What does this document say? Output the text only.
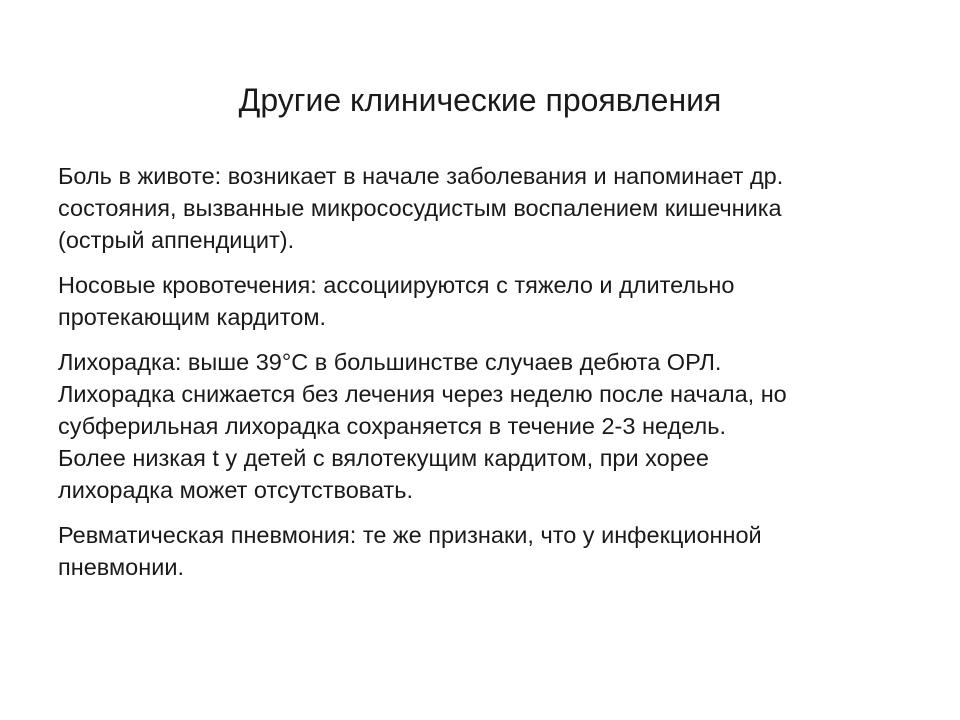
Другие клинические проявления

Боль в животе: возникает в начале заболевания и напоминает др.
состояния, вызванные микрососудистым воспалением кишечника
(острый аппендицит).

Носовые кровотечения: ассоциируются с тяжело и длительно
протекающим кардитом.

Лихорадка: выше 39°С в большинстве случаев дебюта ОРЛ.
Лихорадка снижается без лечения через неделю после начала, но
субферильная лихорадка сохраняется в течение 2-3 недель.
Более низкая t у детей с вялотекущим кардитом, при хорее
лихорадка может отсутствовать.

Ревматическая пневмония: те же признаки, что у инфекционной
пневмонии.
